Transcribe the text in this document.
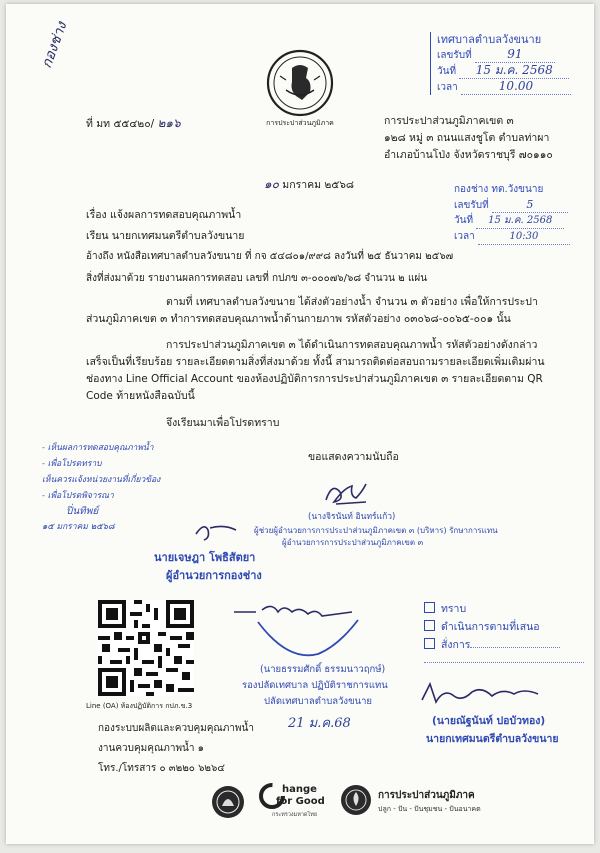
กองช่าง
การประปาส่วนภูมิภาค
เทศบาลตำบลวังขนาย
เลขรับที่	91
วันที่ 15 ม.ค. 2568
เวลา	10.00
ที่ มท ๕๕๔๒๐/ ๒๑๖	การประปาส่วนภูมิภาคเขต ๓
๑๒๘ หมู่ ๓ ถนนแสงชูโต ตำบลท่าผา
อำเภอบ้านโป่ง จังหวัดราชบุรี ๗๐๑๑๐
๑๐ มกราคม ๒๕๖๘	กองช่าง ทต.วังขนาย
เลขรับที่	5
วันที่ 15 ม.ค. 2568
เวลา	10:30
เรื่อง แจ้งผลการทดสอบคุณภาพน้ำ
เรียน นายกเทศมนตรีตำบลวังขนาย
อ้างถึง หนังสือเทศบาลตำบลวังขนาย ที่ กจ ๕๔๘๐๑/๙๙๘ ลงวันที่ ๒๕ ธันวาคม ๒๕๖๗
สิ่งที่ส่งมาด้วย รายงานผลการทดสอบ เลขที่ กปภข ๓-๐๐๐๗๖/๖๘ จำนวน ๒ แผ่น
ตามที่ เทศบาลตำบลวังขนาย ได้ส่งตัวอย่างน้ำ จำนวน ๓ ตัวอย่าง เพื่อให้การประปาส่วนภูมิภาคเขต ๓ ทำการทดสอบคุณภาพน้ำด้านกายภาพ รหัสตัวอย่าง ๐๓๐๖๘-๐๐๖๕-๐๐๑ นั้น
การประปาส่วนภูมิภาคเขต ๓ ได้ดำเนินการทดสอบคุณภาพน้ำ รหัสตัวอย่างดังกล่าวเสร็จเป็นที่เรียบร้อย รายละเอียดตามสิ่งที่ส่งมาด้วย ทั้งนี้ สามารถติดต่อสอบถามรายละเอียดเพิ่มเติมผ่านช่องทาง Line Official Account ของห้องปฏิบัติการการประปาส่วนภูมิภาคเขต ๓ รายละเอียดตาม QR Code ท้ายหนังสือฉบับนี้
จึงเรียนมาเพื่อโปรดทราบ
ขอแสดงความนับถือ
- เห็นผลการทดสอบคุณภาพน้ำ
- เพื่อโปรดทราบ
เห็นควรแจ้งหน่วยงานที่เกี่ยวข้อง
- เพื่อโปรดพิจารณา
ปิ่นทิพย์
๑๕ มกราคม ๒๕๖๘
(นางจิรนันท์ อินทร์แก้ว)
ผู้ช่วยผู้อำนวยการการประปาส่วนภูมิภาคเขต ๓ (บริหาร) รักษาการแทน
ผู้อำนวยการการประปาส่วนภูมิภาคเขต ๓
นายเจษฎา โพธิสัตยา
ผู้อำนวยการกองช่าง
Line (OA) ห้องปฏิบัติการ กปภ.ข.3
กองระบบผลิตและควบคุมคุณภาพน้ำ
งานควบคุมคุณภาพน้ำ ๑
โทร./โทรสาร ๐ ๓๒๒๐ ๖๒๖๔
(นายธรรมศักดิ์ ธรรมนาวฤกษ์)
รองปลัดเทศบาล ปฏิบัติราชการแทน
ปลัดเทศบาลตำบลวังขนาย
21 ม.ค.68
ทราบ
ดำเนินการตามที่เสนอ
สั่งการ
(นายณัฐนันท์ ปอบัวทอง)
นายกเทศมนตรีตำบลวังขนาย
hange
for Good
กระทรวงมหาดไทย
การประปาส่วนภูมิภาค
ปลูก - ปัน - ปันชุมชน - ปันอนาคต
